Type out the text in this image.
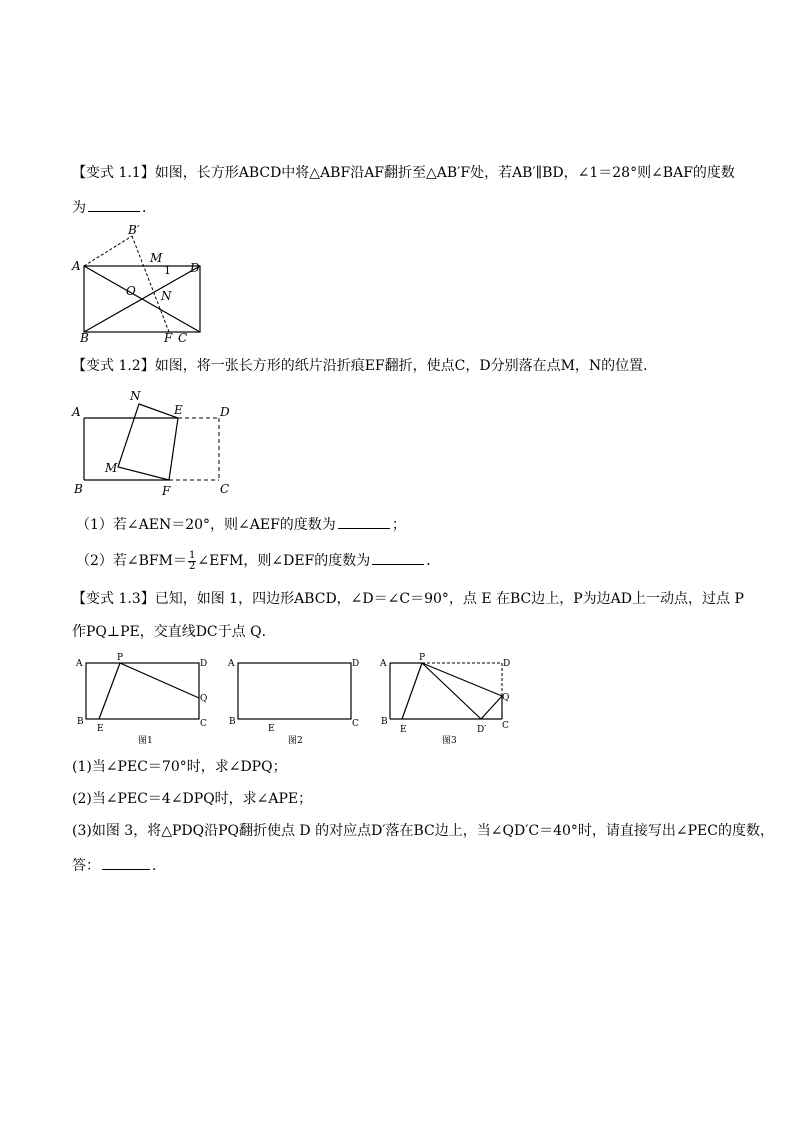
【变式 1.1】如图，长方形ABCD中将△ABF沿AF翻折至△AB′F处，若AB′∥BD，∠1＝28°则∠BAF的度数
为	．
B′
A
M
1 D
O N
B	F C
【变式 1.2】如图，将一张长方形的纸片沿折痕EF翻折，使点C，D分别落在点M，N的位置．
A
N
E	D
M
B	F	C
（1）若∠AEN＝20°，则∠AEF的度数为	；
（2）若∠BFM＝ $\frac{1}{2}$ ∠EFM，则∠DEF的度数为	．
【变式 1.3】已知，如图 1，四边形ABCD，∠D＝∠C＝90°，点 E 在BC边上，P为边AD上一动点，过点 P
作PQ⊥PE，交直线DC于点 Q．
A
P
D
Q
B
E	C
图1
A	D
B
E	C
图2
A
P
D
Q
B
E	D′ C
图3
(1)当∠PEC＝70°时，求∠DPQ；
(2)当∠PEC＝4∠DPQ时，求∠APE；
(3)如图 3，将△PDQ沿PQ翻折使点 D 的对应点D′落在BC边上，当∠QD′C＝40°时，请直接写出∠PEC的度数，
答：	．
